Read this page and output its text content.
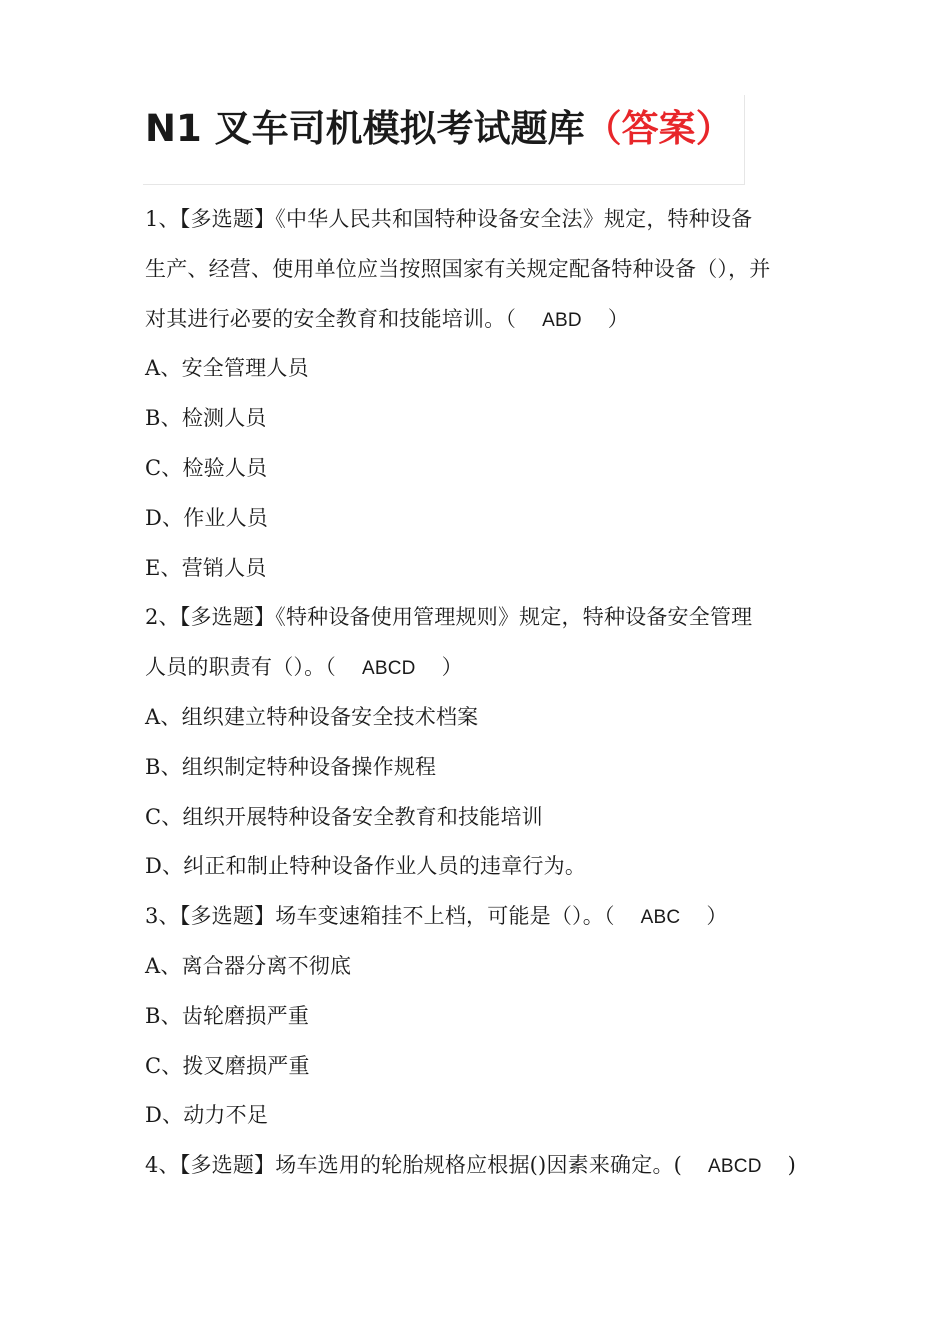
N1 叉车司机模拟考试题库（答案）
1、【多选题】《中华人民共和国特种设备安全法》规定，特种设备
生产、经营、使用单位应当按照国家有关规定配备特种设备（），并
对其进行必要的安全教育和技能培训。（ ABD ）
A、安全管理人员
B、检测人员
C、检验人员
D、作业人员
E、营销人员
2、【多选题】《特种设备使用管理规则》规定，特种设备安全管理
人员的职责有（）。（ ABCD ）
A、组织建立特种设备安全技术档案
B、组织制定特种设备操作规程
C、组织开展特种设备安全教育和技能培训
D、纠正和制止特种设备作业人员的违章行为。
3、【多选题】场车变速箱挂不上档，可能是（）。（ ABC ）
A、离合器分离不彻底
B、齿轮磨损严重
C、拨叉磨损严重
D、动力不足
4、【多选题】场车选用的轮胎规格应根据()因素来确定。( ABCD )
